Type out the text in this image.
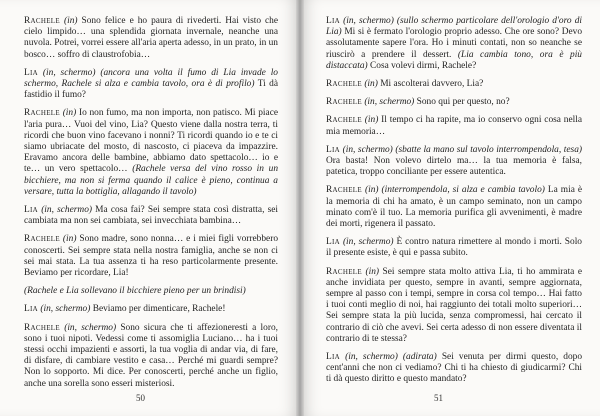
Rachele (in) Sono felice e ho paura di rivederti. Hai visto che cielo limpido… una splendida giornata invernale, neanche una nuvola. Potrei, vorrei essere all'aria aperta adesso, in un prato, in un bosco… soffro di claustrofobia…

Lia (in, schermo) (ancora una volta il fumo di Lia invade lo schermo, Rachele si alza e cambia tavolo, ora è di profilo) Ti dà fastidio il fumo?

Rachele (in) Io non fumo, ma non importa, non patisco. Mi piace l'aria pura… Vuoi del vino, Lia? Questo viene dalla nostra terra, ti ricordi che buon vino facevano i nonni? Ti ricordi quando io e te ci siamo ubriacate del mosto, di nascosto, ci piaceva da impazzire. Eravamo ancora delle bambine, abbiamo dato spettacolo… io e te… un vero spettacolo… (Rachele versa del vino rosso in un bicchiere, ma non si ferma quando il calice è pieno, continua a versare, tutta la bottiglia, allagando il tavolo)

Lia (in, schermo) Ma cosa fai? Sei sempre stata così distratta, sei cambiata ma non sei cambiata, sei invecchiata bambina…

Rachele (in) Sono madre, sono nonna… e i miei figli vorrebbero conoscerti. Sei sempre stata nella nostra famiglia, anche se non ci sei mai stata. La tua assenza ti ha reso particolarmente presente. Beviamo per ricordare, Lia!

(Rachele e Lia sollevano il bicchiere pieno per un brindisi)

Lia (in, schermo) Beviamo per dimenticare, Rachele!

Rachele (in, schermo) Sono sicura che ti affezioneresti a loro, sono i tuoi nipoti. Vedessi come ti assomiglia Luciano… ha i tuoi stessi occhi impazienti e assorti, la tua voglia di andar via, di fare, di disfare, di cambiare vestito e casa… Perché mi guardi sempre? Non lo sopporto. Mi dice. Per conoscerti, perché anche un figlio, anche una sorella sono esseri misteriosi.

50

Lia (in, schermo) (sullo schermo particolare dell'orologio d'oro di Lia) Mi si è fermato l'orologio proprio adesso. Che ore sono? Devo assolutamente sapere l'ora. Ho i minuti contati, non so neanche se riuscirò a prendere il dessert. (Lia cambia tono, ora è più distaccata) Cosa volevi dirmi, Rachele?

Rachele (in) Mi ascolterai davvero, Lia?

Rachele (in, schermo) Sono qui per questo, no?

Rachele (in) Il tempo ci ha rapite, ma io conservo ogni cosa nella mia memoria…

Lia (in, schermo) (sbatte la mano sul tavolo interrompendola, tesa) Ora basta! Non volevo dirtelo ma… la tua memoria è falsa, patetica, troppo conciliante per essere autentica.

Rachele (in) (interrompendola, si alza e cambia tavolo) La mia è la memoria di chi ha amato, è un campo seminato, non un campo minato com'è il tuo. La memoria purifica gli avvenimenti, è madre dei morti, rigenera il passato.

Lia (in, schermo) È contro natura rimettere al mondo i morti. Solo il presente esiste, è qui e passa subito.

Rachele (in) Sei sempre stata molto attiva Lia, ti ho ammirata e anche invidiata per questo, sempre in avanti, sempre aggiornata, sempre al passo con i tempi, sempre in corsa col tempo… Hai fatto i tuoi conti meglio di noi, hai raggiunto dei totali molto superiori… Sei sempre stata la più lucida, senza compromessi, hai cercato il contrario di ciò che avevi. Sei certa adesso di non essere diventata il contrario di te stessa?

Lia (in, schermo) (adirata) Sei venuta per dirmi questo, dopo cent'anni che non ci vediamo? Chi ti ha chiesto di giudicarmi? Chi ti dà questo diritto e questo mandato?

51
